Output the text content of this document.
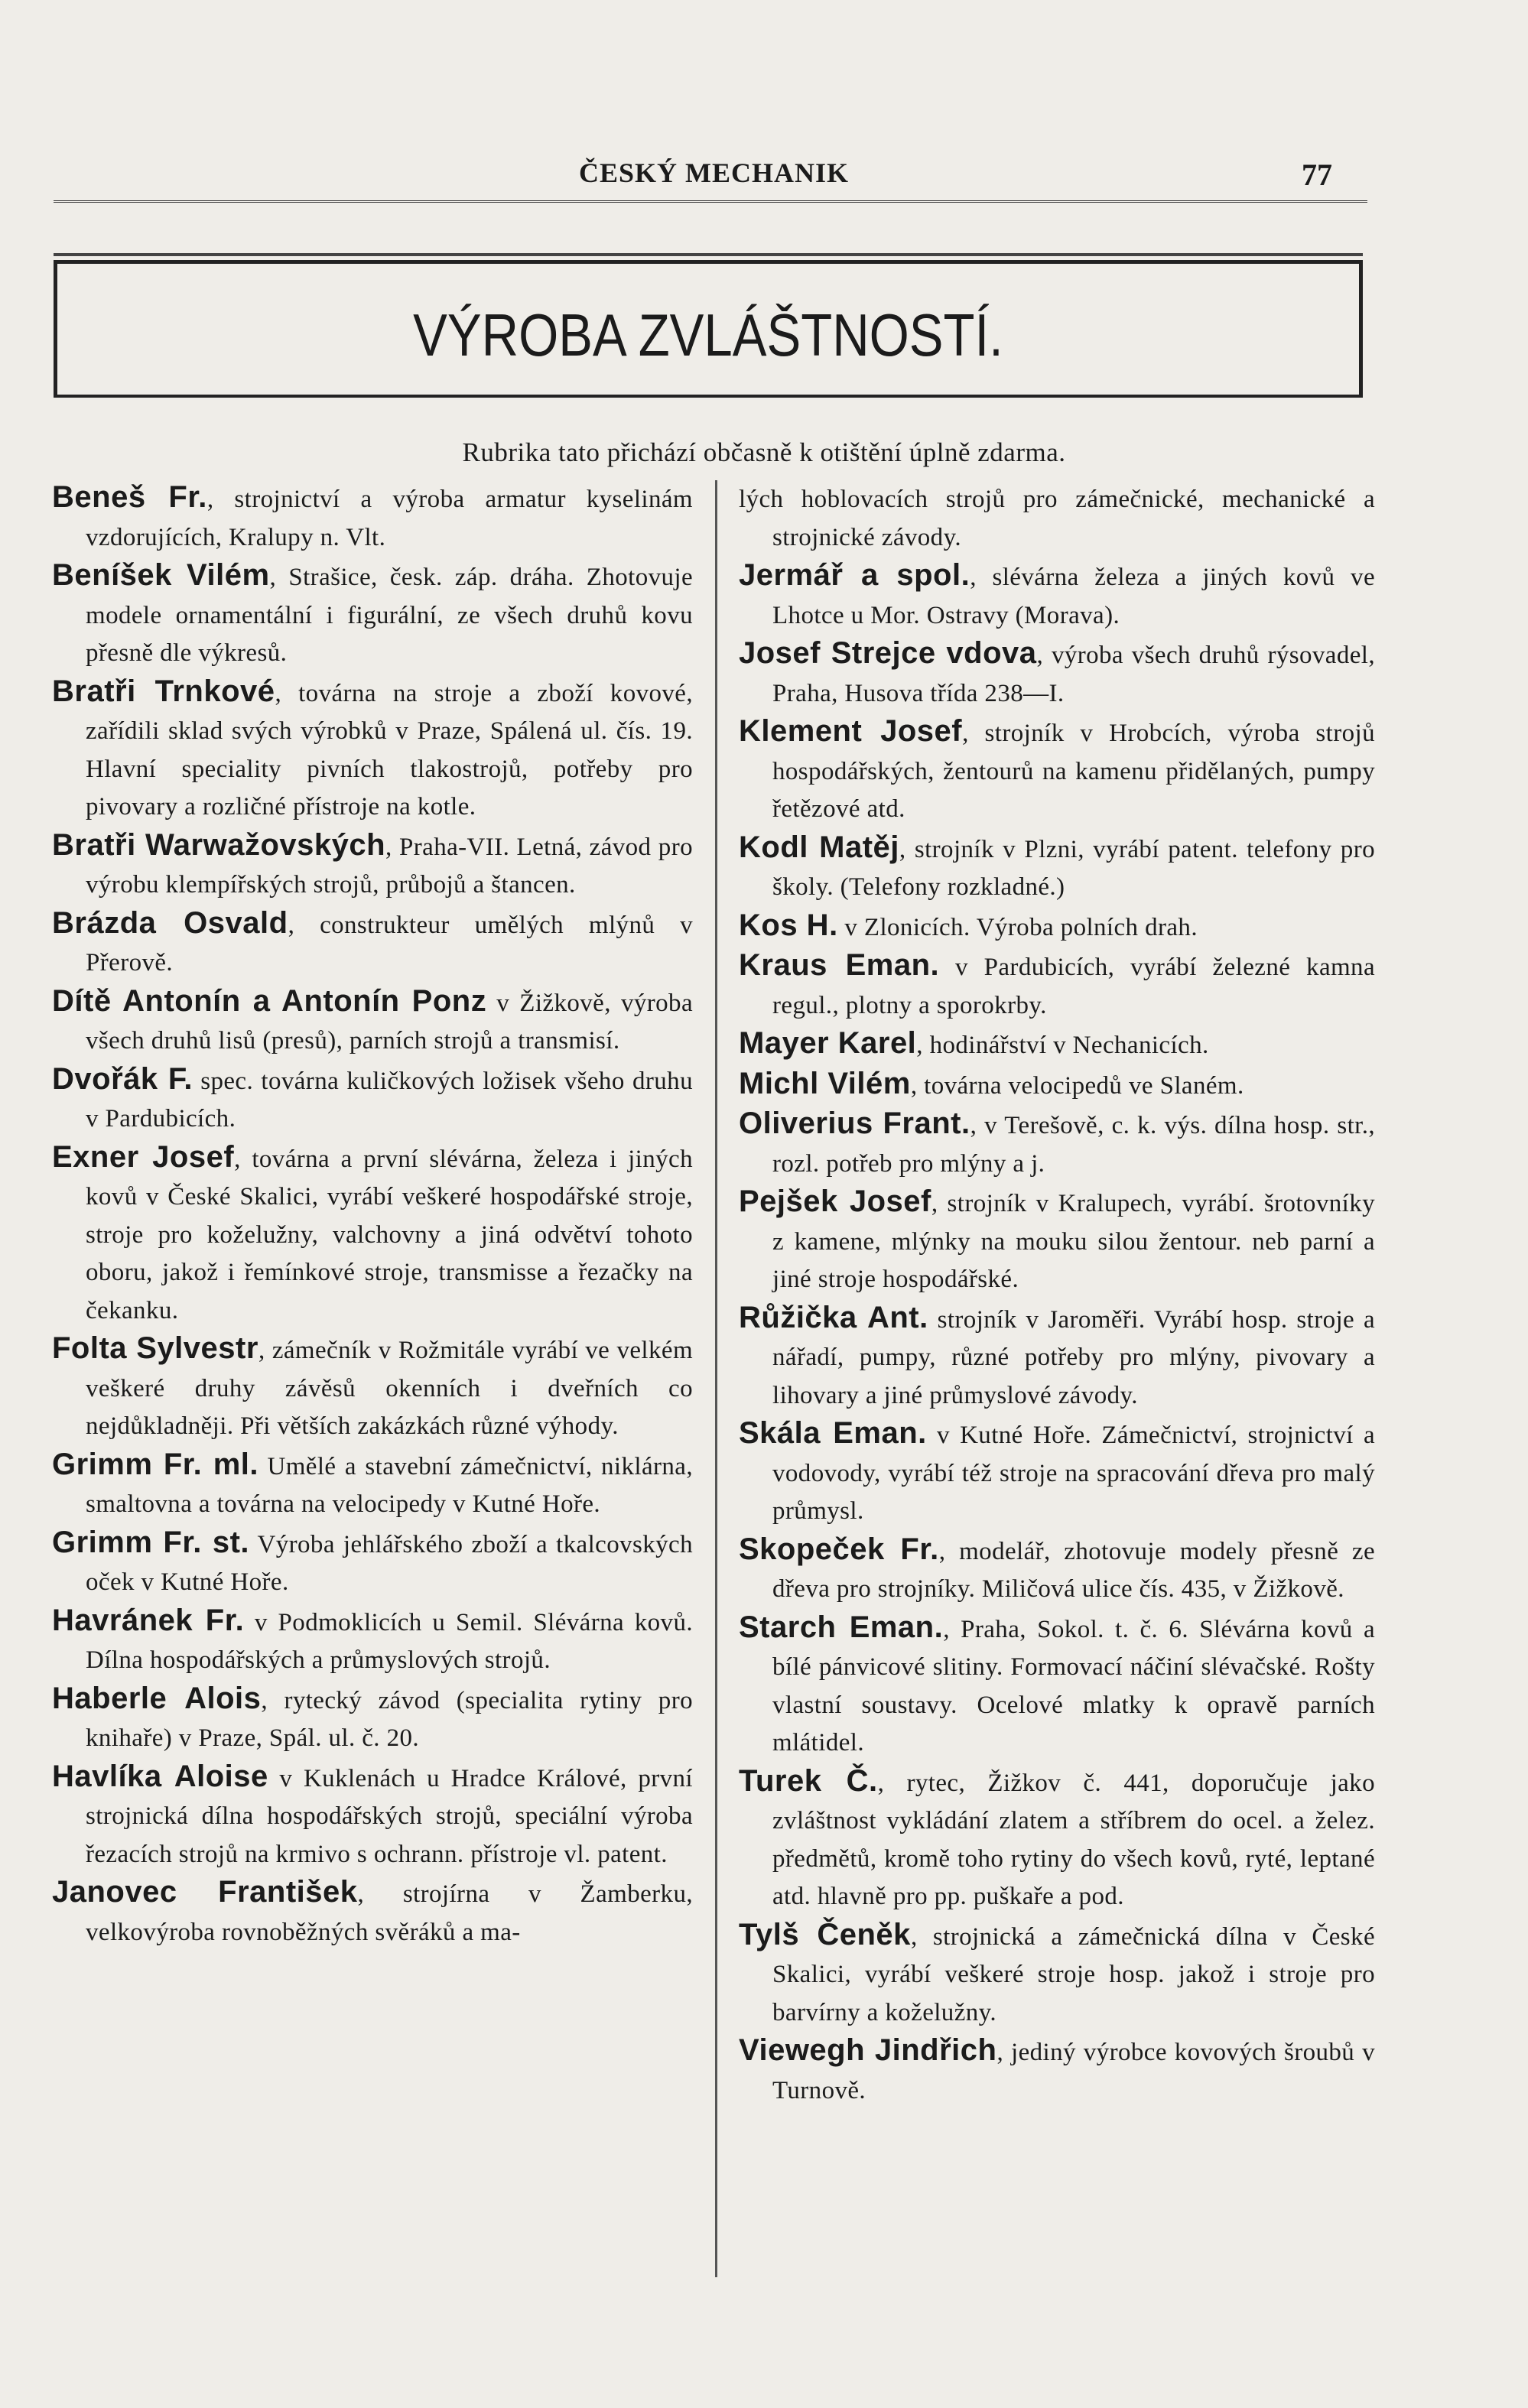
ČESKÝ MECHANIK	77
VÝROBA ZVLÁŠTNOSTÍ.
Rubrika tato přichází občasně k otištění úplně zdarma.

Beneš Fr., strojnictví a výroba armatur kyselinám vzdorujících, Kralupy n. Vlt.

Beníšek Vilém, Strašice, česk. záp. dráha. Zhotovuje modele ornamentální i figurální, ze všech druhů kovu přesně dle výkresů.

Bratři Trnkové, továrna na stroje a zboží kovové, zařídili sklad svých výrobků v Praze, Spálená ul. čís. 19. Hlavní speciality pivních tlakostrojů, potřeby pro pivovary a rozličné přístroje na kotle.

Bratři Warwažovských, Praha-VII. Letná, závod pro výrobu klempířských strojů, průbojů a štancen.

Brázda Osvald, construkteur umělých mlýnů v Přerově.

Dítě Antonín a Antonín Ponz v Žižkově, výroba všech druhů lisů (presů), parních strojů a transmisí.

Dvořák F. spec. továrna kuličkových ložisek všeho druhu v Pardubicích.

Exner Josef, továrna a první slévárna, železa i jiných kovů v České Skalici, vyrábí veškeré hospodářské stroje, stroje pro koželužny, valchovny a jiná odvětví tohoto oboru, jakož i řemínkové stroje, transmisse a řezačky na čekanku.

Folta Sylvestr, zámečník v Rožmitále vyrábí ve velkém veškeré druhy závěsů okenních i dveřních co nejdůkladněji. Při větších zakázkách různé výhody.

Grimm Fr. ml. Umělé a stavební zámečnictví, niklárna, smaltovna a továrna na velocipedy v Kutné Hoře.

Grimm Fr. st. Výroba jehlářského zboží a tkalcovských oček v Kutné Hoře.

Havránek Fr. v Podmoklicích u Semil. Slévárna kovů. Dílna hospodářských a průmyslových strojů.

Haberle Alois, rytecký závod (specialita rytiny pro knihaře) v Praze, Spál. ul. č. 20.

Havlíka Aloise v Kuklenách u Hradce Králové, první strojnická dílna hospodářských strojů, speciální výroba řezacích strojů na krmivo s ochrann. přístroje vl. patent.

Janovec František, strojírna v Žamberku, velkovýroba rovnoběžných svěráků a ma-

lých hoblovacích strojů pro zámečnické, mechanické a strojnické závody.

Jermář a spol., slévárna železa a jiných kovů ve Lhotce u Mor. Ostravy (Morava).

Josef Strejce vdova, výroba všech druhů rýsovadel, Praha, Husova třída 238—I.

Klement Josef, strojník v Hrobcích, výroba strojů hospodářských, žentourů na kamenu přidělaných, pumpy řetězové atd.

Kodl Matěj, strojník v Plzni, vyrábí patent. telefony pro školy. (Telefony rozkladné.)

Kos H. v Zlonicích. Výroba polních drah.

Kraus Eman. v Pardubicích, vyrábí železné kamna regul., plotny a sporokrby.

Mayer Karel, hodinářství v Nechanicích.

Michl Vilém, továrna velocipedů ve Slaném.

Oliverius Frant., v Terešově, c. k. výs. dílna hosp. str., rozl. potřeb pro mlýny a j.

Pejšek Josef, strojník v Kralupech, vyrábí. šrotovníky z kamene, mlýnky na mouku silou žentour. neb parní a jiné stroje hospodářské.

Růžička Ant. strojník v Jaroměři. Vyrábí hosp. stroje a nářadí, pumpy, různé potřeby pro mlýny, pivovary a lihovary a jiné průmyslové závody.

Skála Eman. v Kutné Hoře. Zámečnictví, strojnictví a vodovody, vyrábí též stroje na spracování dřeva pro malý průmysl.

Skopeček Fr., modelář, zhotovuje modely přesně ze dřeva pro strojníky. Miličová ulice čís. 435, v Žižkově.

Starch Eman., Praha, Sokol. t. č. 6. Slévárna kovů a bílé pánvicové slitiny. Formovací náčiní slévačské. Rošty vlastní soustavy. Ocelové mlatky k opravě parních mlátidel.

Turek Č., rytec, Žižkov č. 441, doporučuje jako zvláštnost vykládání zlatem a stříbrem do ocel. a želez. předmětů, kromě toho rytiny do všech kovů, ryté, leptané atd. hlavně pro pp. puškaře a pod.

Tylš Čeněk, strojnická a zámečnická dílna v České Skalici, vyrábí veškeré stroje hosp. jakož i stroje pro barvírny a koželužny.

Viewegh Jindřich, jediný výrobce kovových šroubů v Turnově.
